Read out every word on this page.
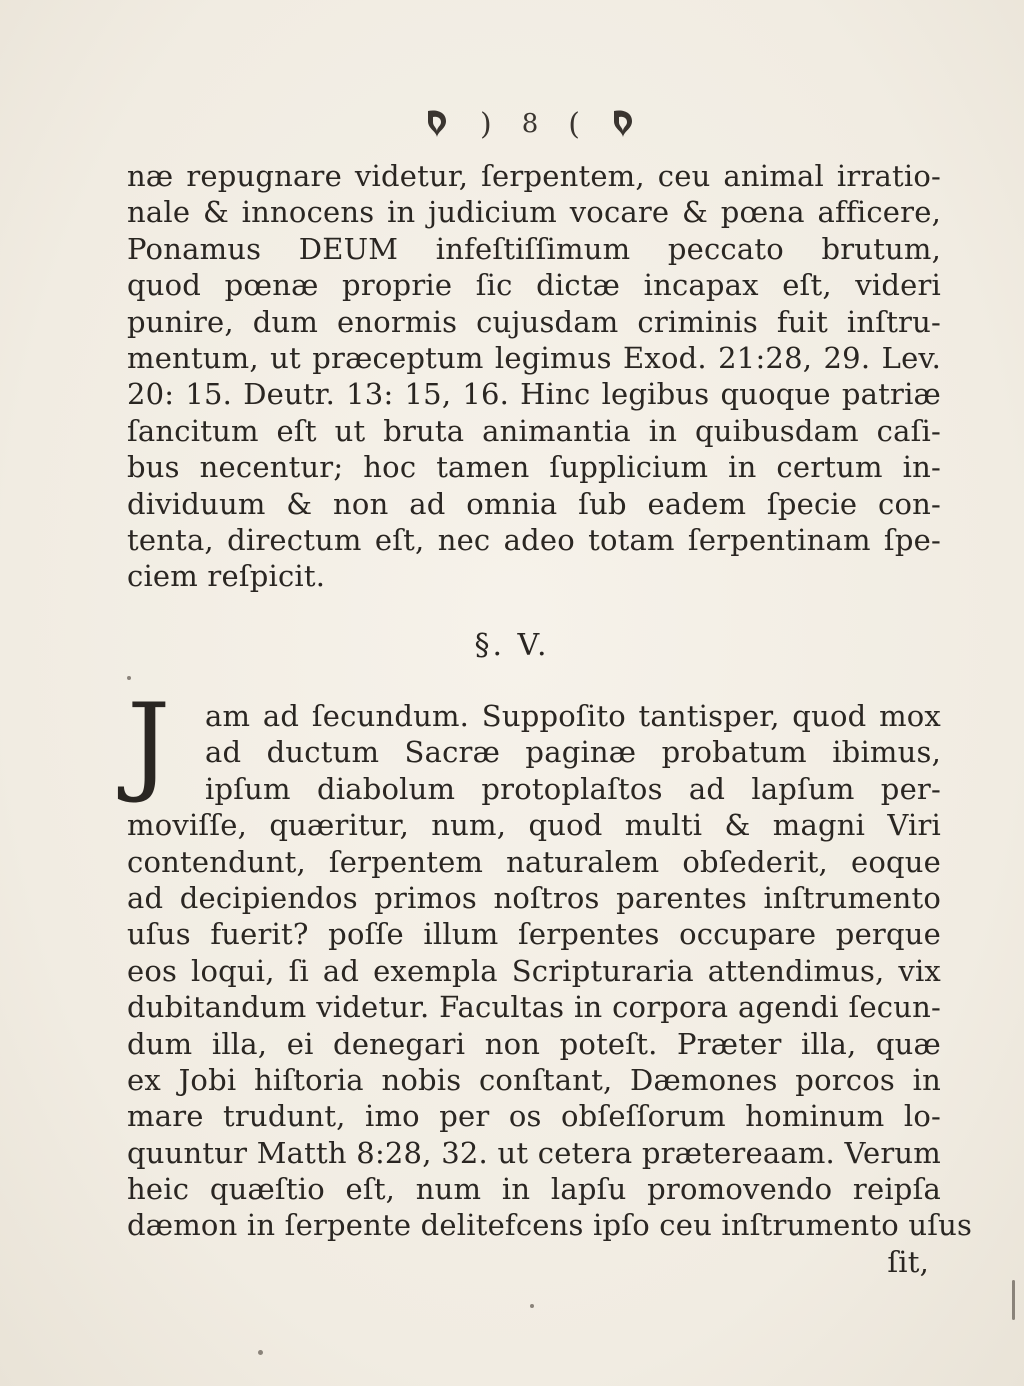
) 8 (
næ repugnare videtur, ſerpentem, ceu animal irratio-
nale & innocens in judicium vocare & pœna afficere,
Ponamus DEUM infeſtiſſimum peccato brutum,
quod pœnæ proprie ſic dictæ incapax eſt, videri
punire, dum enormis cujusdam criminis fuit inſtru-
mentum, ut præceptum legimus Exod. 21:28, 29. Lev.
20: 15. Deutr. 13: 15, 16. Hinc legibus quoque patriæ
ſancitum eſt ut bruta animantia in quibusdam caſi-
bus necentur; hoc tamen ſupplicium in certum in-
dividuum & non ad omnia ſub eadem ſpecie con-
tenta, directum eſt, nec adeo totam ſerpentinam ſpe-
ciem reſpicit.
§. V.
J	am ad ſecundum. Suppoſito tantisper, quod mox
ad ductum Sacræ paginæ probatum ibimus,
ipſum diabolum protoplaſtos ad lapſum per-
moviſſe, quæritur, num, quod multi & magni Viri
contendunt, ſerpentem naturalem obſederit, eoque
ad decipiendos primos noſtros parentes inſtrumento
uſus fuerit? poſſe illum ſerpentes occupare perque
eos loqui, ſi ad exempla Scripturaria attendimus, vix
dubitandum videtur. Facultas in corpora agendi ſecun-
dum illa, ei denegari non poteſt. Præter illa, quæ
ex Jobi hiſtoria nobis conſtant, Dæmones porcos in
mare trudunt, imo per os obſeſſorum hominum lo-
quuntur Matth 8:28, 32. ut cetera prætereaam. Verum
heic quæſtio eſt, num in lapſu promovendo reipſa
dæmon in ſerpente delitefcens ipſo ceu inſtrumento uſus
ſit,
